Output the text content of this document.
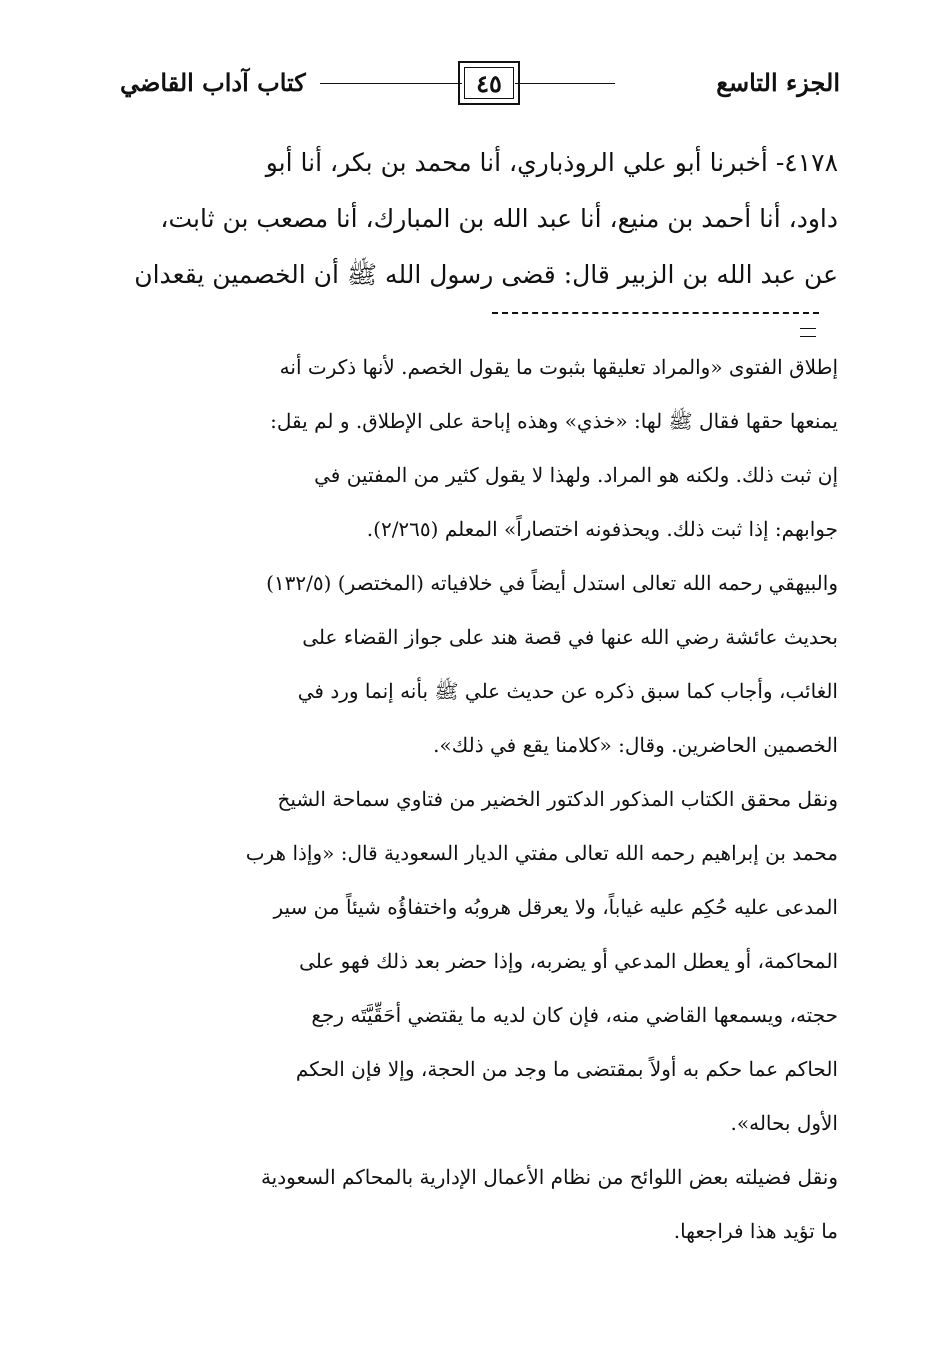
الجزء التاسع
٤٥
كتاب آداب القاضي

٤١٧٨- أخبرنا أبو علي الروذباري، أنا محمد بن بكر، أنا أبو

داود، أنا أحمد بن منيع، أنا عبد الله بن المبارك، أنا مصعب بن ثابت،

عن عبد الله بن الزبير قال: قضى رسول الله ﷺ أن الخصمين يقعدان

إطلاق الفتوى «والمراد تعليقها بثبوت ما يقول الخصم. لأنها ذكرت أنه

يمنعها حقها فقال ﷺ لها: «خذي» وهذه إباحة على الإطلاق. و لم يقل:

إن ثبت ذلك. ولكنه هو المراد. ولهذا لا يقول كثير من المفتين في

جوابهم: إذا ثبت ذلك. ويحذفونه اختصاراً» المعلم (٢/٢٦٥).

والبيهقي رحمه الله تعالى استدل أيضاً في خلافياته (المختصر) (١٣٢/٥)

بحديث عائشة رضي الله عنها في قصة هند على جواز القضاء على

الغائب، وأجاب كما سبق ذكره عن حديث علي ﷺ بأنه إنما ورد في

الخصمين الحاضرين. وقال: «كلامنا يقع في ذلك».

ونقل محقق الكتاب المذكور الدكتور الخضير من فتاوي سماحة الشيخ

محمد بن إبراهيم رحمه الله تعالى مفتي الديار السعودية قال: «وإذا هرب

المدعى عليه حُكِم عليه غياباً، ولا يعرقل هروبُه واختفاؤُه شيئاً من سير

المحاكمة، أو يعطل المدعي أو يضربه، وإذا حضر بعد ذلك فهو على

حجته، ويسمعها القاضي منه، فإن كان لديه ما يقتضي أحَقِّيَّتَه رجع

الحاكم عما حكم به أولاً بمقتضى ما وجد من الحجة، وإلا فإن الحكم

الأول بحاله».

ونقل فضيلته بعض اللوائح من نظام الأعمال الإدارية بالمحاكم السعودية

ما تؤيد هذا فراجعها.
